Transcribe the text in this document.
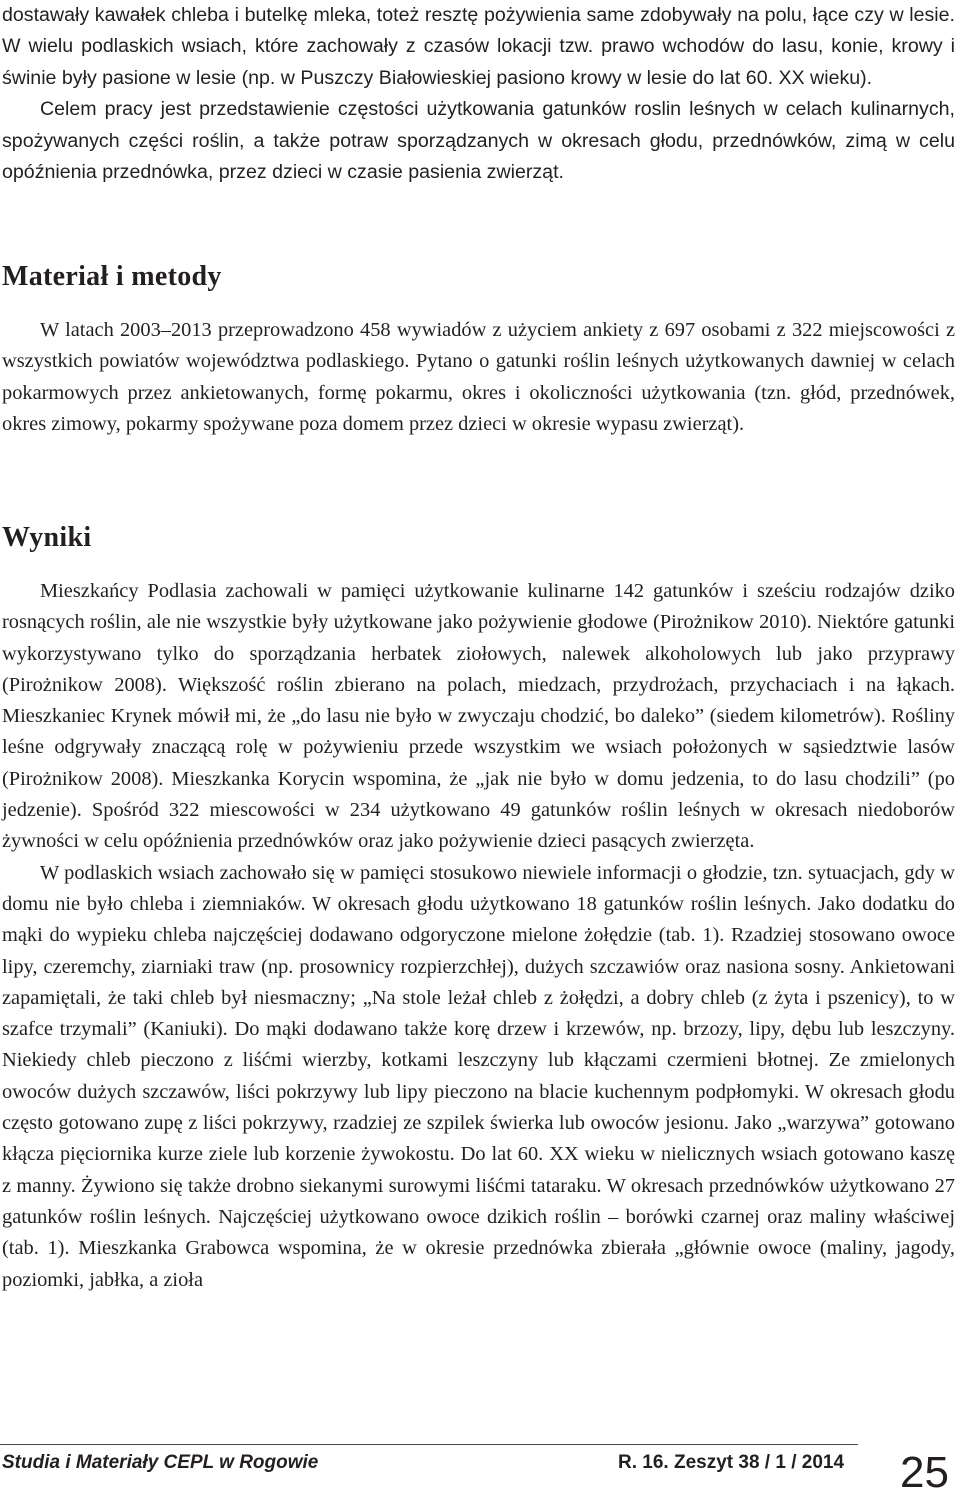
dostawały kawałek chleba i butelkę mleka, toteż resztę pożywienia same zdobywały na polu, łące czy w lesie. W wielu podlaskich wsiach, które zachowały z czasów lokacji tzw. prawo wchodów do lasu, konie, krowy i świnie były pasione w lesie (np. w Puszczy Białowieskiej pasiono krowy w lesie do lat 60. XX wieku).

Celem pracy jest przedstawienie częstości użytkowania gatunków roslin leśnych w celach kulinarnych, spożywanych części roślin, a także potraw sporządzanych w okresach głodu, przednówków, zimą w celu opóźnienia przednówka, przez dzieci w czasie pasienia zwierząt.

Materiał i metody

W latach 2003–2013 przeprowadzono 458 wywiadów z użyciem ankiety z 697 osobami z 322 miejscowości z wszystkich powiatów województwa podlaskiego. Pytano o gatunki roślin leśnych użytkowanych dawniej w celach pokarmowych przez ankietowanych, formę pokarmu, okres i okoliczności użytkowania (tzn. głód, przednówek, okres zimowy, pokarmy spożywane poza domem przez dzieci w okresie wypasu zwierząt).

Wyniki

Mieszkańcy Podlasia zachowali w pamięci użytkowanie kulinarne 142 gatunków i sześciu rodzajów dziko rosnących roślin, ale nie wszystkie były użytkowane jako pożywienie głodowe (Pirożnikow 2010). Niektóre gatunki wykorzystywano tylko do sporządzania herbatek ziołowych, nalewek alkoholowych lub jako przyprawy (Pirożnikow 2008). Większość roślin zbierano na polach, miedzach, przydrożach, przychaciach i na łąkach. Mieszkaniec Krynek mówił mi, że „do lasu nie było w zwyczaju chodzić, bo daleko” (siedem kilometrów). Rośliny leśne odgrywały znaczącą rolę w pożywieniu przede wszystkim we wsiach położonych w sąsiedztwie lasów (Pirożnikow 2008). Mieszkanka Korycin wspomina, że „jak nie było w domu jedzenia, to do lasu chodzili” (po jedzenie). Spośród 322 miescowości w 234 użytkowano 49 gatunków roślin leśnych w okresach niedoborów żywności w celu opóźnienia przednówków oraz jako pożywienie dzieci pasących zwierzęta.

W podlaskich wsiach zachowało się w pamięci stosukowo niewiele informacji o głodzie, tzn. sytuacjach, gdy w domu nie było chleba i ziemniaków. W okresach głodu użytkowano 18 gatunków roślin leśnych. Jako dodatku do mąki do wypieku chleba najczęściej dodawano odgoryczone mielone żołędzie (tab. 1). Rzadziej stosowano owoce lipy, czeremchy, ziarniaki traw (np. prosownicy rozpierzchłej), dużych szczawiów oraz nasiona sosny. Ankietowani zapamiętali, że taki chleb był niesmaczny; „Na stole leżał chleb z żołędzi, a dobry chleb (z żyta i pszenicy), to w szafce trzymali” (Kaniuki). Do mąki dodawano także korę drzew i krzewów, np. brzozy, lipy, dębu lub leszczyny. Niekiedy chleb pieczono z liśćmi wierzby, kotkami leszczyny lub kłączami czermieni błotnej. Ze zmielonych owoców dużych szczawów, liści pokrzywy lub lipy pieczono na blacie kuchennym podpłomyki. W okresach głodu często gotowano zupę z liści pokrzywy, rzadziej ze szpilek świerka lub owoców jesionu. Jako „warzywa” gotowano kłącza pięciornika kurze ziele lub korzenie żywokostu. Do lat 60. XX wieku w nielicznych wsiach gotowano kaszę z manny. Żywiono się także drobno siekanymi surowymi liśćmi tataraku. W okresach przednówków użytkowano 27 gatunków roślin leśnych. Najczęściej użytkowano owoce dzikich roślin – borówki czarnej oraz maliny właściwej (tab. 1). Mieszkanka Grabowca wspomina, że w okresie przednówka zbierała „głównie owoce (maliny, jagody, poziomki, jabłka, a zioła

Studia i Materiały CEPL w Rogowie	R. 16. Zeszyt 38 / 1 / 2014 25
